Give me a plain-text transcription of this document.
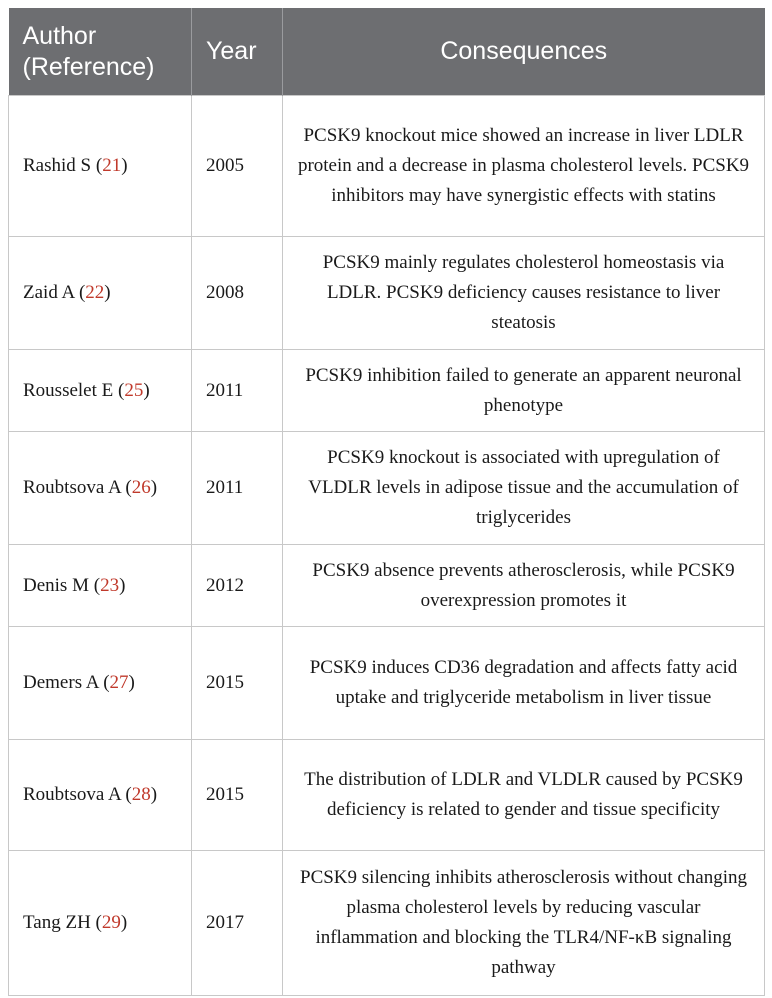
Author (Reference)	Year	Consequences
Rashid S (21)	2005	PCSK9 knockout mice showed an increase in liver LDLR protein and a decrease in plasma cholesterol levels. PCSK9 inhibitors may have synergistic effects with statins
Zaid A (22)	2008	PCSK9 mainly regulates cholesterol homeostasis via LDLR. PCSK9 deficiency causes resistance to liver steatosis
Rousselet E (25)	2011	PCSK9 inhibition failed to generate an apparent neuronal phenotype
Roubtsova A (26)	2011	PCSK9 knockout is associated with upregulation of VLDLR levels in adipose tissue and the accumulation of triglycerides
Denis M (23)	2012	PCSK9 absence prevents atherosclerosis, while PCSK9 overexpression promotes it
Demers A (27)	2015	PCSK9 induces CD36 degradation and affects fatty acid uptake and triglyceride metabolism in liver tissue
Roubtsova A (28)	2015	The distribution of LDLR and VLDLR caused by PCSK9 deficiency is related to gender and tissue specificity
Tang ZH (29)	2017	PCSK9 silencing inhibits atherosclerosis without changing plasma cholesterol levels by reducing vascular inflammation and blocking the TLR4/NF-κB signaling pathway
